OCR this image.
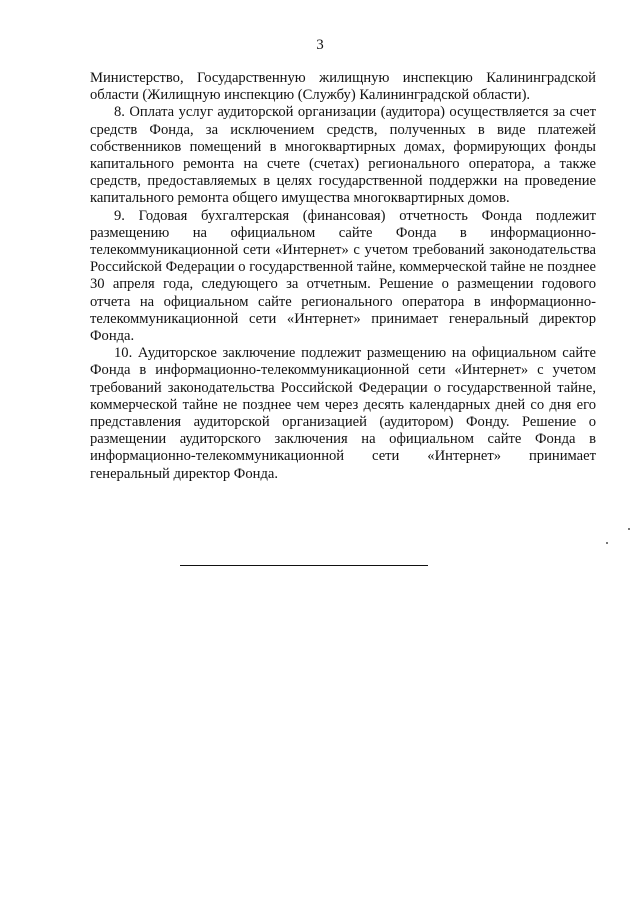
3

Министерство, Государственную жилищную инспекцию Калининградской области (Жилищную инспекцию (Службу) Калининградской области).

8. Оплата услуг аудиторской организации (аудитора) осуществляется за счет средств Фонда, за исключением средств, полученных в виде платежей собственников помещений в многоквартирных домах, формирующих фонды капитального ремонта на счете (счетах) регионального оператора, а также средств, предоставляемых в целях государственной поддержки на проведение капитального ремонта общего имущества многоквартирных домов.

9. Годовая бухгалтерская (финансовая) отчетность Фонда подлежит размещению на официальном сайте Фонда в информационно-телекоммуникационной сети «Интернет» с учетом требований законодательства Российской Федерации о государственной тайне, коммерческой тайне не позднее 30 апреля года, следующего за отчетным. Решение о размещении годового отчета на официальном сайте регионального оператора в информационно-телекоммуникационной сети «Интернет» принимает генеральный директор Фонда.

10. Аудиторское заключение подлежит размещению на официальном сайте Фонда в информационно-телекоммуникационной сети «Интернет» с учетом требований законодательства Российской Федерации о государственной тайне, коммерческой тайне не позднее чем через десять календарных дней со дня его представления аудиторской организацией (аудитором) Фонду. Решение о размещении аудиторского заключения на официальном сайте Фонда в информационно-телекоммуникационной сети «Интернет» принимает генеральный директор Фонда.
